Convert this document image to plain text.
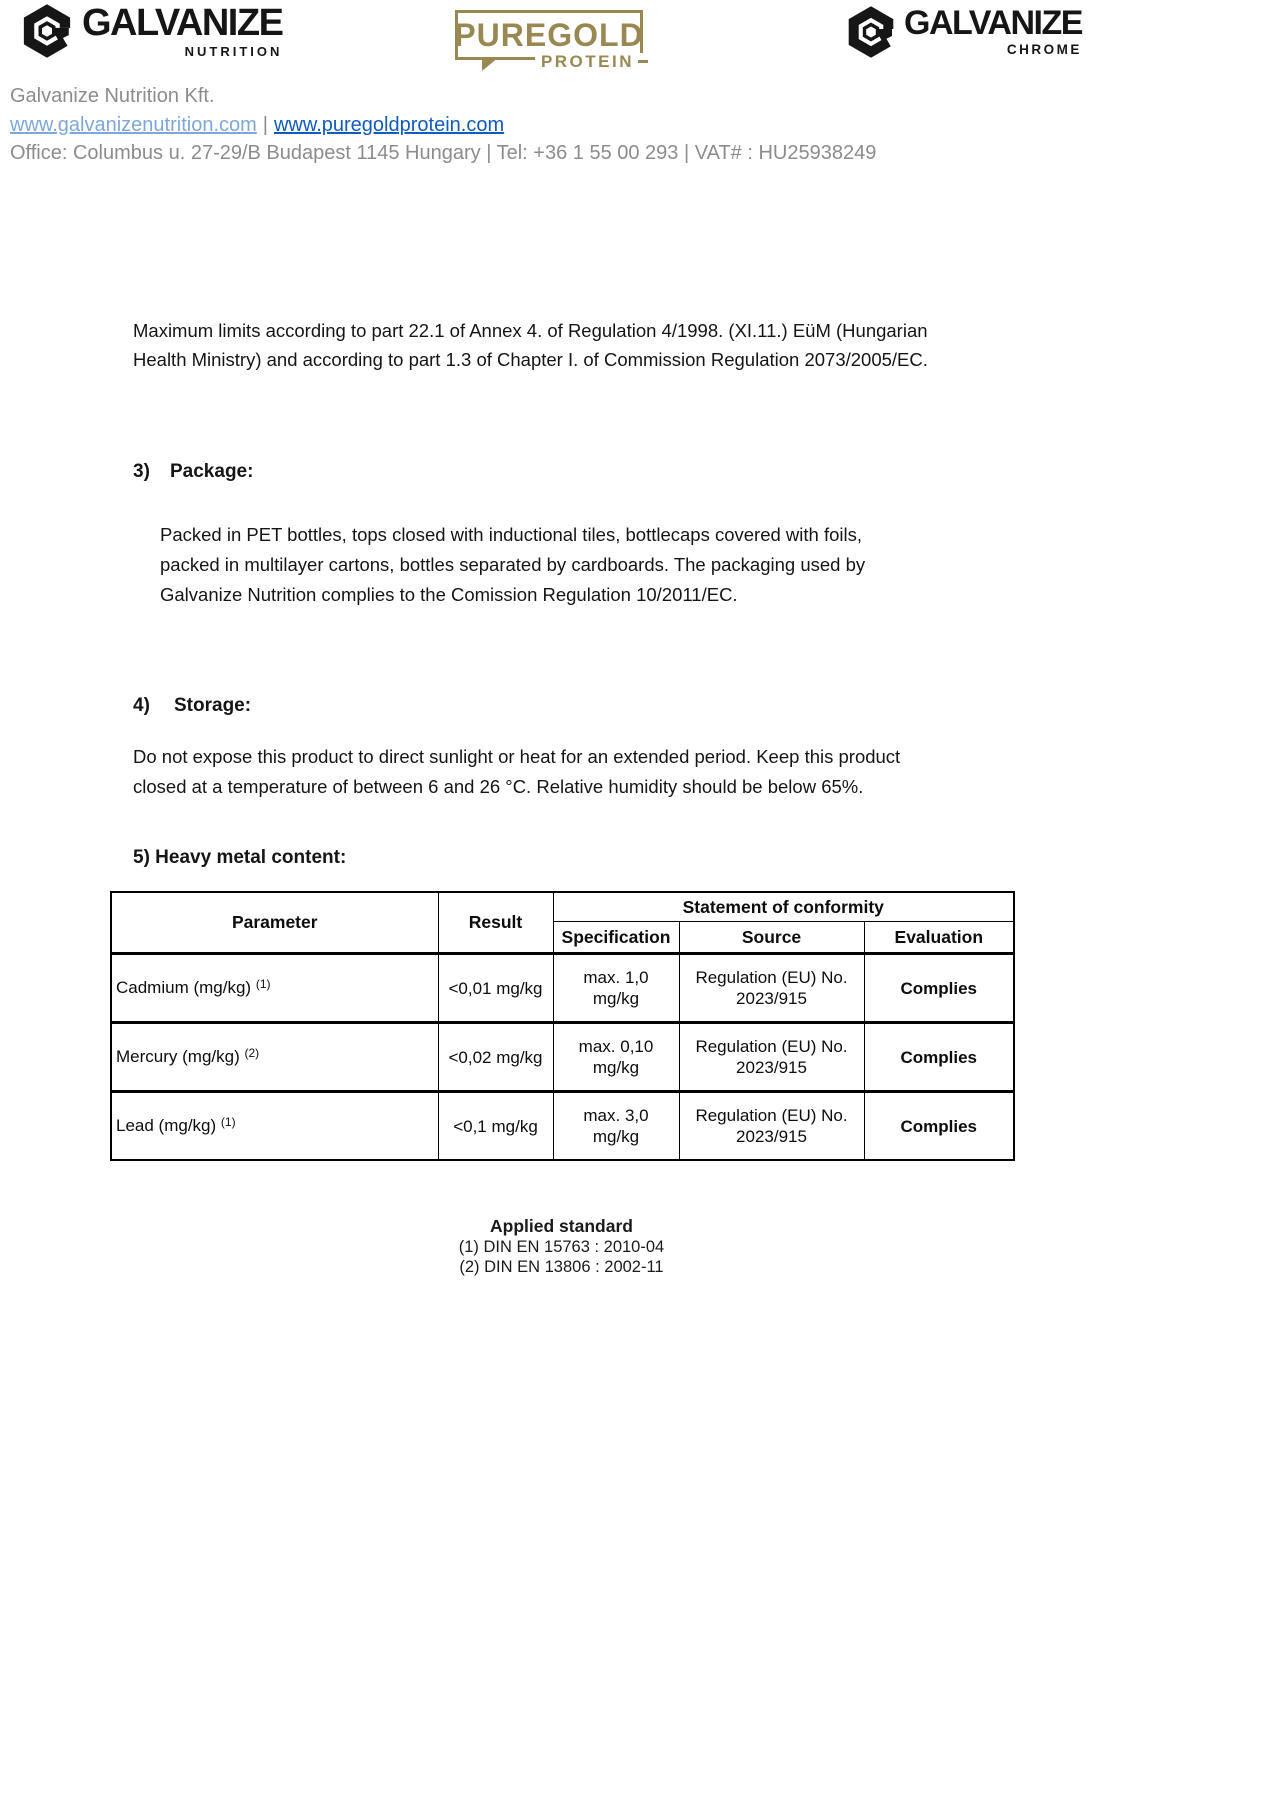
GALVANIZE
NUTRITION	PUREGOLD
PROTEIN
GALVANIZE
CHROME
Galvanize Nutrition Kft.
www.galvanizenutrition.com | www.puregoldprotein.com
Office: Columbus u. 27-29/B Budapest 1145 Hungary | Tel: +36 1 55 00 293 | VAT# : HU25938249
Maximum limits according to part 22.1 of Annex 4. of Regulation 4/1998. (XI.11.) EüM (Hungarian
Health Ministry) and according to part 1.3 of Chapter I. of Commission Regulation 2073/2005/EC.
3) Package:
Packed in PET bottles, tops closed with inductional tiles, bottlecaps covered with foils,
packed in multilayer cartons, bottles separated by cardboards. The packaging used by
Galvanize Nutrition complies to the Comission Regulation 10/2011/EC.
4) Storage:
Do not expose this product to direct sunlight or heat for an extended period. Keep this product
closed at a temperature of between 6 and 26 °C. Relative humidity should be below 65%.
5) Heavy metal content:
Parameter	Result	Statement of conformity		
		Specification	Source	Evaluation
Cadmium (mg/kg) $^{(1)}$	<0,01 mg/kg	max. 1,0 mg/kg	Regulation (EU) No. 2023/915	Complies
Mercury (mg/kg) $^{(2)}$	<0,02 mg/kg	max. 0,10 mg/kg	Regulation (EU) No. 2023/915	Complies
Lead (mg/kg) $^{(1)}$	<0,1 mg/kg	max. 3,0 mg/kg	Regulation (EU) No. 2023/915	Complies
Applied standard
(1) DIN EN 15763 : 2010-04
(2) DIN EN 13806 : 2002-11
